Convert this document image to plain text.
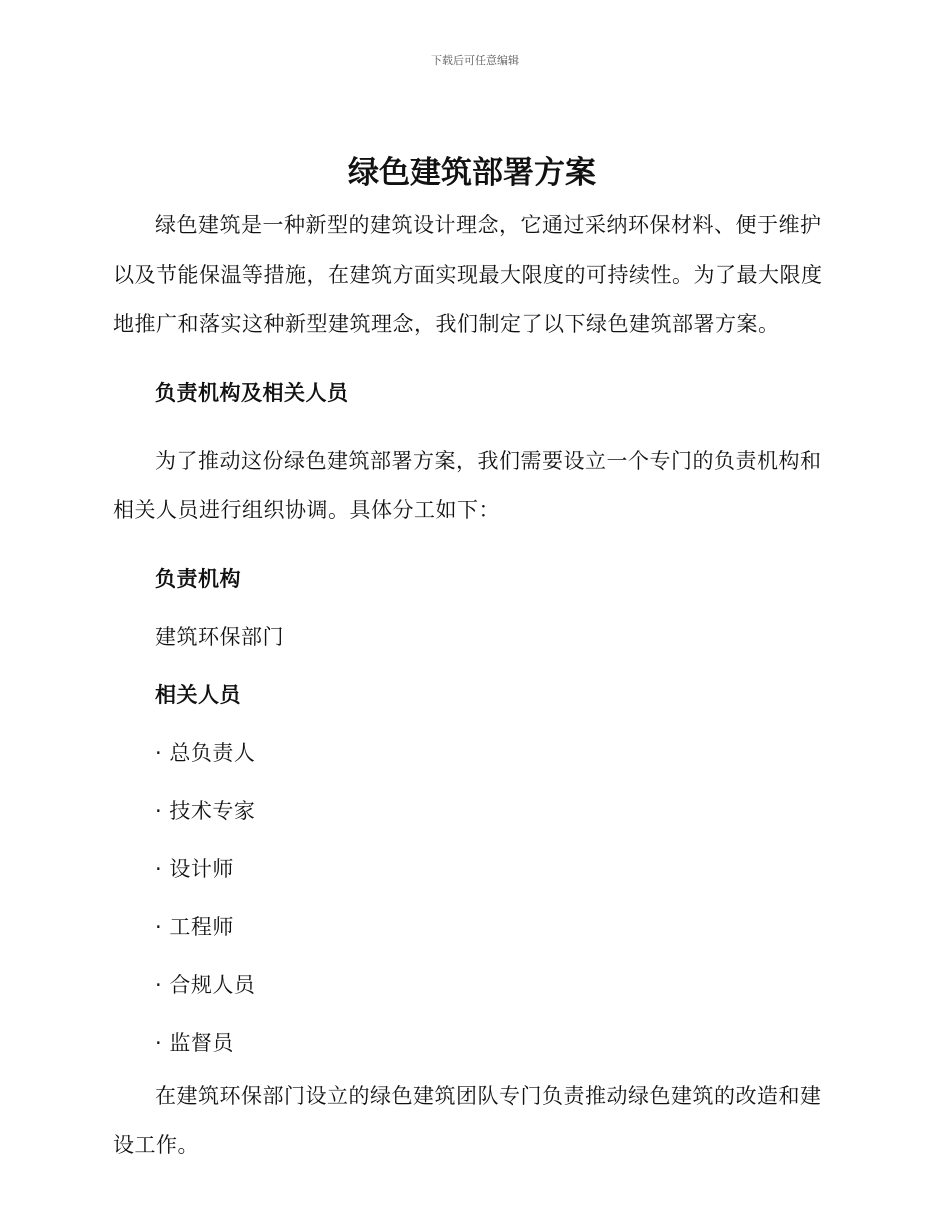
下载后可任意编辑
绿色建筑部署方案

绿色建筑是一种新型的建筑设计理念，它通过采纳环保材料、便于维护以及节能保温等措施，在建筑方面实现最大限度的可持续性。为了最大限度地推广和落实这种新型建筑理念，我们制定了以下绿色建筑部署方案。

负责机构及相关人员

为了推动这份绿色建筑部署方案，我们需要设立一个专门的负责机构和相关人员进行组织协调。具体分工如下：

负责机构

建筑环保部门

相关人员

· 总负责人

· 技术专家

· 设计师

· 工程师

· 合规人员

· 监督员

在建筑环保部门设立的绿色建筑团队专门负责推动绿色建筑的改造和建设工作。
